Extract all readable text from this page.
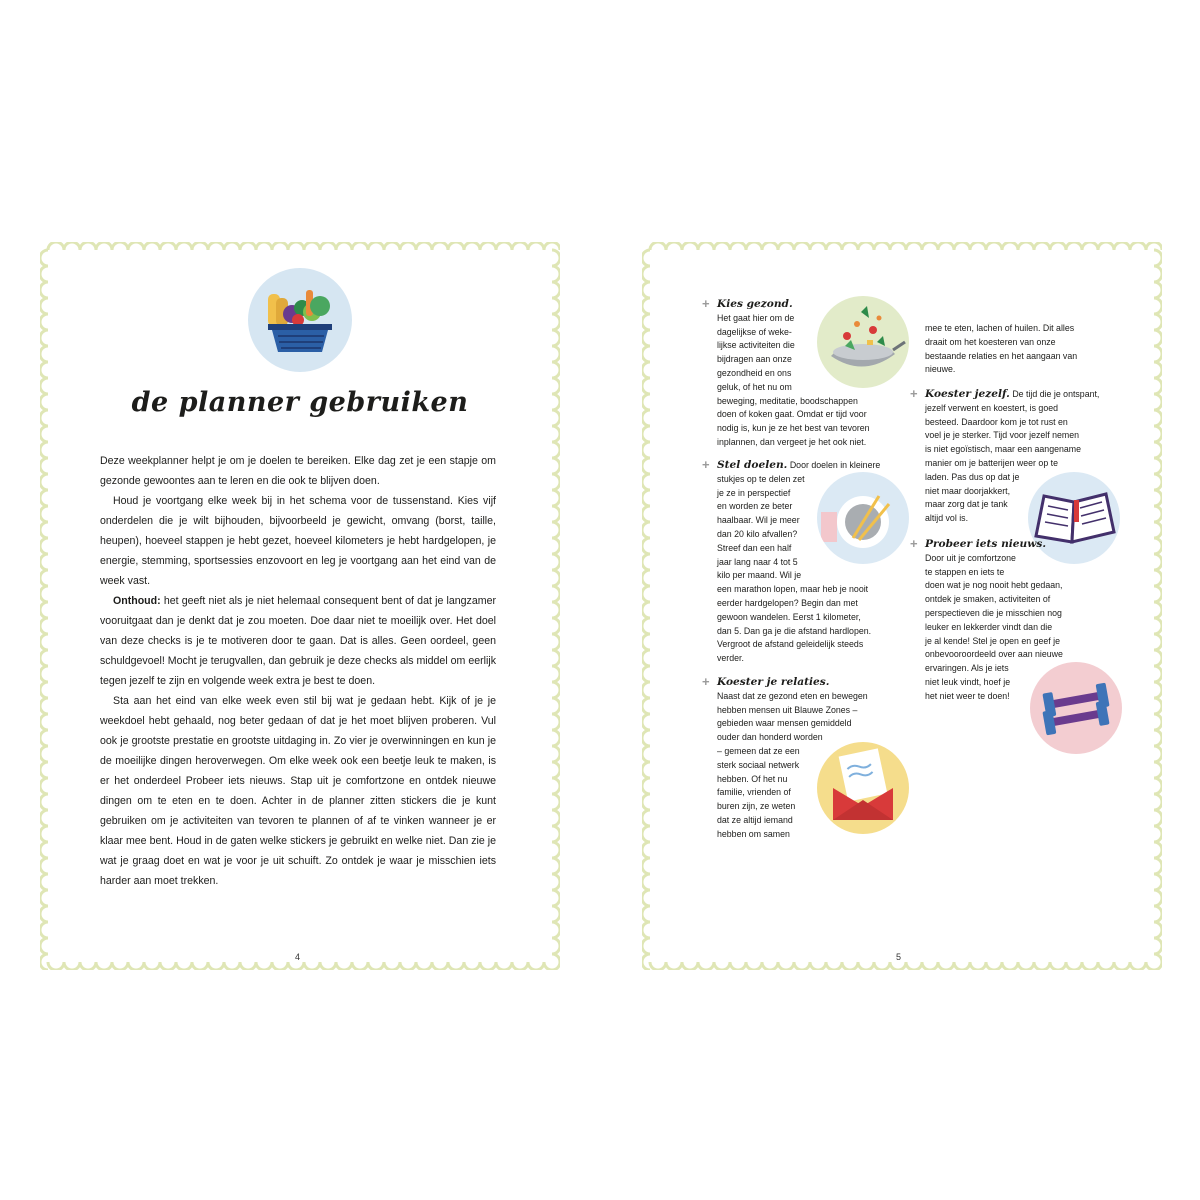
de planner gebruiken

Deze weekplanner helpt je om je doelen te bereiken. Elke dag zet je een stapje om gezonde gewoontes aan te leren en die ook te blijven doen.

Houd je voortgang elke week bij in het schema voor de tussenstand. Kies vijf onderdelen die je wilt bijhouden, bijvoorbeeld je gewicht, omvang (borst, taille, heupen), hoeveel stappen je hebt gezet, hoeveel kilometers je hebt hardgelopen, je energie, stemming, sportsessies enzovoort en leg je voortgang aan het eind van de week vast.

Onthoud: het geeft niet als je niet helemaal consequent bent of dat je langzamer vooruitgaat dan je denkt dat je zou moeten. Doe daar niet te moeilijk over. Het doel van deze checks is je te motiveren door te gaan. Dat is alles. Geen oordeel, geen schuldgevoel! Mocht je terugvallen, dan gebruik je deze checks als middel om eerlijk tegen jezelf te zijn en volgende week extra je best te doen.

Sta aan het eind van elke week even stil bij wat je gedaan hebt. Kijk of je je weekdoel hebt gehaald, nog beter gedaan of dat je het moet blijven proberen. Vul ook je grootste prestatie en grootste uitdaging in. Zo vier je overwinningen en kun je de moeilijke dingen heroverwegen. Om elke week ook een beetje leuk te maken, is er het onderdeel Probeer iets nieuws. Stap uit je comfortzone en ontdek nieuwe dingen om te eten en te doen. Achter in de planner zitten stickers die je kunt gebruiken om je activiteiten van tevoren te plannen of af te vinken wanneer je er klaar mee bent. Houd in de gaten welke stickers je gebruikt en welke niet. Dan zie je wat je graag doet en wat je voor je uit schuift. Zo ontdek je waar je misschien iets harder aan moet trekken.

4
+ Kies gezond.

Het gaat hier om de

dagelijkse of weke-

lijkse activiteiten die

bijdragen aan onze

gezondheid en ons

geluk, of het nu om

beweging, meditatie, boodschappen

doen of koken gaat. Omdat er tijd voor

nodig is, kun je ze het best van tevoren

inplannen, dan vergeet je het ook niet.

+ Stel doelen. Door doelen in kleinere

stukjes op te delen zet

je ze in perspectief

en worden ze beter

haalbaar. Wil je meer

dan 20 kilo afvallen?

Streef dan een half

jaar lang naar 4 tot 5

kilo per maand. Wil je

een marathon lopen, maar heb je nooit

eerder hardgelopen? Begin dan met

gewoon wandelen. Eerst 1 kilometer,

dan 5. Dan ga je die afstand hardlopen.

Vergroot de afstand geleidelijk steeds

verder.

+ Koester je relaties.

Naast dat ze gezond eten en bewegen

hebben mensen uit Blauwe Zones –

gebieden waar mensen gemiddeld

ouder dan honderd worden

– gemeen dat ze een

sterk sociaal netwerk

hebben. Of het nu

familie, vrienden of

buren zijn, ze weten

dat ze altijd iemand

hebben om samen

mee te eten, lachen of huilen. Dit alles

draait om het koesteren van onze

bestaande relaties en het aangaan van

nieuwe.

+ Koester jezelf. De tijd die je ontspant,

jezelf verwent en koestert, is goed

besteed. Daardoor kom je tot rust en

voel je je sterker. Tijd voor jezelf nemen

is niet egoïstisch, maar een aangename

manier om je batterijen weer op te

laden. Pas dus op dat je

niet maar doorjakkert,

maar zorg dat je tank

altijd vol is.

+ Probeer iets nieuws.

Door uit je comfortzone

te stappen en iets te

doen wat je nog nooit hebt gedaan,

ontdek je smaken, activiteiten of

perspectieven die je misschien nog

leuker en lekkerder vindt dan die

je al kende! Stel je open en geef je

onbevooroordeeld over aan nieuwe

ervaringen. Als je iets

niet leuk vindt, hoef je

het niet weer te doen!

5
